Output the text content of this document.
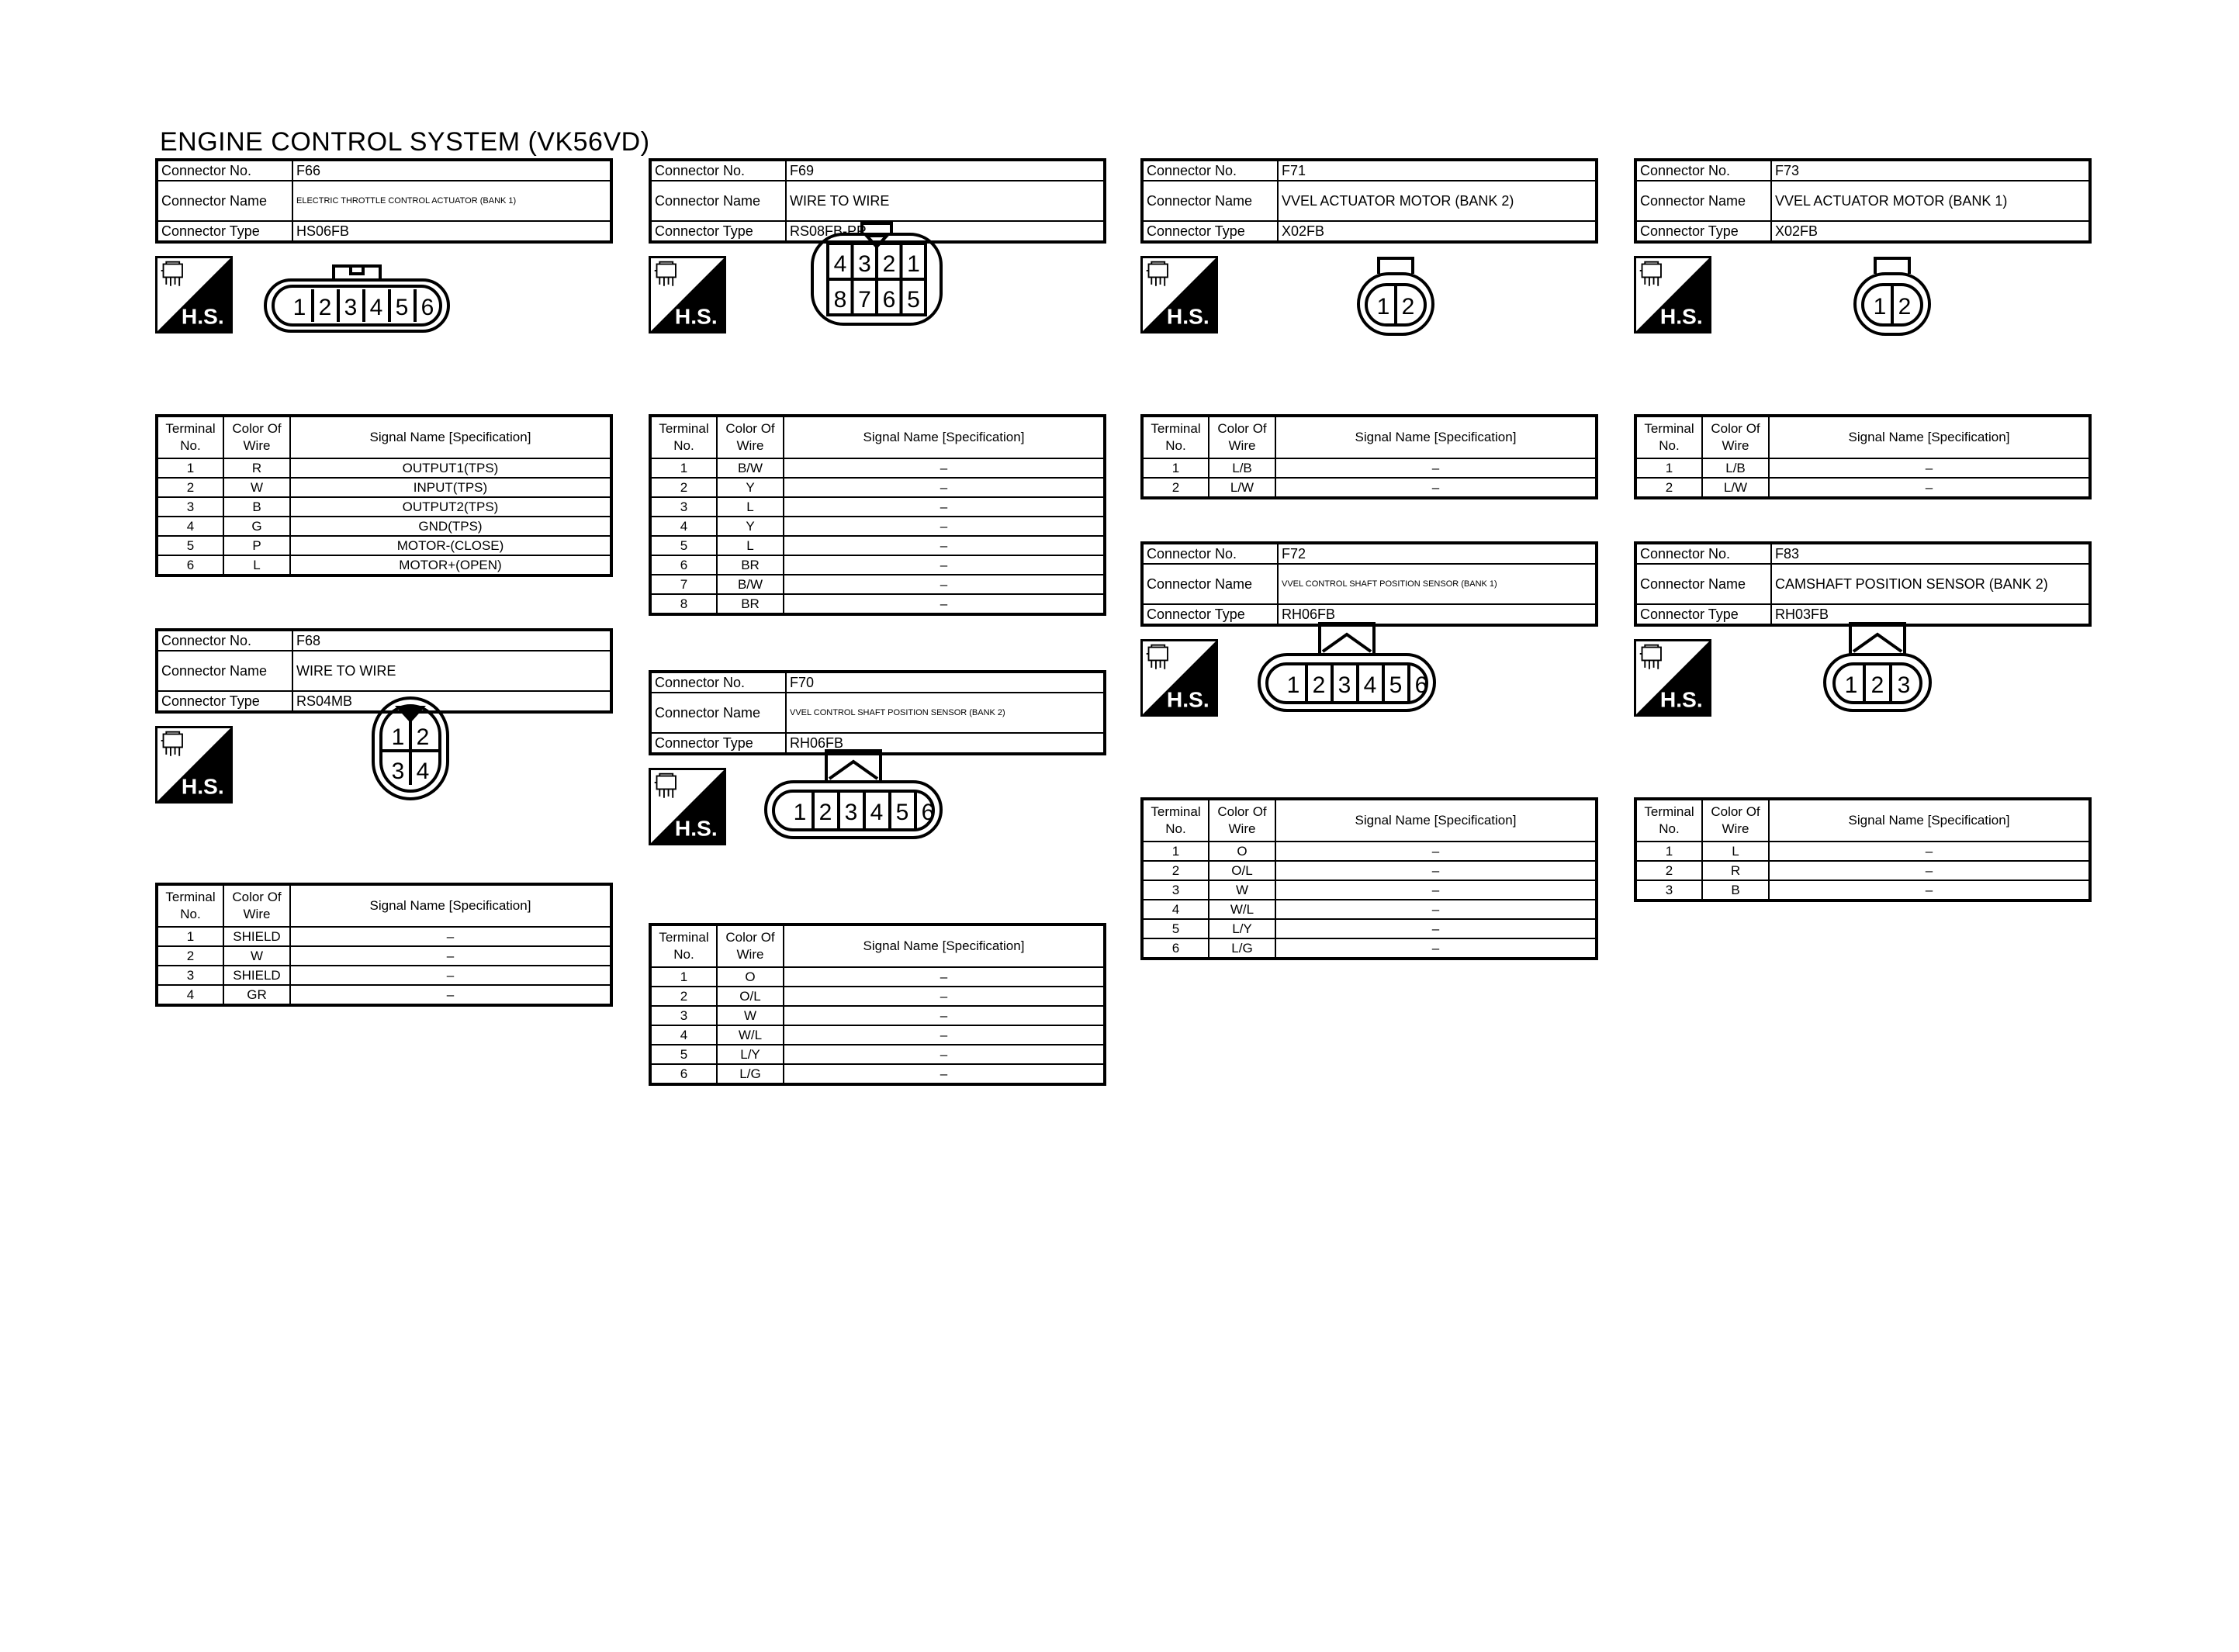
ENGINE CONTROL SYSTEM (VK56VD)
Connector No.	F66
Connector Name	ELECTRIC THROTTLE CONTROL ACTUATOR (BANK 1)
Connector Type	HS06FB
H.S.	1 2 3 4 5 6
Terminal No.	Color Of Wire	Signal Name [Specification]
1	R	OUTPUT1(TPS)
2	W	INPUT(TPS)
3	B	OUTPUT2(TPS)
4	G	GND(TPS)
5	P	MOTOR-(CLOSE)
6	L	MOTOR+(OPEN)
Connector No.	F68
Connector Name	WIRE TO WIRE
Connector Type	RS04MB
H.S.
1 2
3 4
Terminal No.	Color Of Wire	Signal Name [Specification]
1	SHIELD	–
2	W	–
3	SHIELD	–
4	GR	–
Connector No.	F69
Connector Name	WIRE TO WIRE
Connector Type	RS08FB-PR
H.S.
4 3 2 1
8 7 6 5
Terminal No.	Color Of Wire	Signal Name [Specification]
1	B/W	–
2	Y	–
3	L	–
4	Y	–
5	L	–
6	BR	–
7	B/W	–
8	BR	–
Connector No.	F70
Connector Name	VVEL CONTROL SHAFT POSITION SENSOR (BANK 2)
Connector Type	RH06FB
H.S.
1 2 3 4 5 6
Terminal No.	Color Of Wire	Signal Name [Specification]
1	O	–
2	O/L	–
3	W	–
4	W/L	–
5	L/Y	–
6	L/G	–
Connector No.	F71
Connector Name	VVEL ACTUATOR MOTOR (BANK 2)
Connector Type	X02FB
H.S.	1 2
Terminal No.	Color Of Wire	Signal Name [Specification]
1	L/B	–
2	L/W	–
Connector No.	F72
Connector Name	VVEL CONTROL SHAFT POSITION SENSOR (BANK 1)
Connector Type	RH06FB
H.S.
1 2 3 4 5 6
Terminal No.	Color Of Wire	Signal Name [Specification]
1	O	–
2	O/L	–
3	W	–
4	W/L	–
5	L/Y	–
6	L/G	–
Connector No.	F73
Connector Name	VVEL ACTUATOR MOTOR (BANK 1)
Connector Type	X02FB
H.S.	1 2
Terminal No.	Color Of Wire	Signal Name [Specification]
1	L/B	–
2	L/W	–
Connector No.	F83
Connector Name	CAMSHAFT POSITION SENSOR (BANK 2)
Connector Type	RH03FB
H.S.
1 2 3
Terminal No.	Color Of Wire	Signal Name [Specification]
1	L	–
2	R	–
3	B	–
